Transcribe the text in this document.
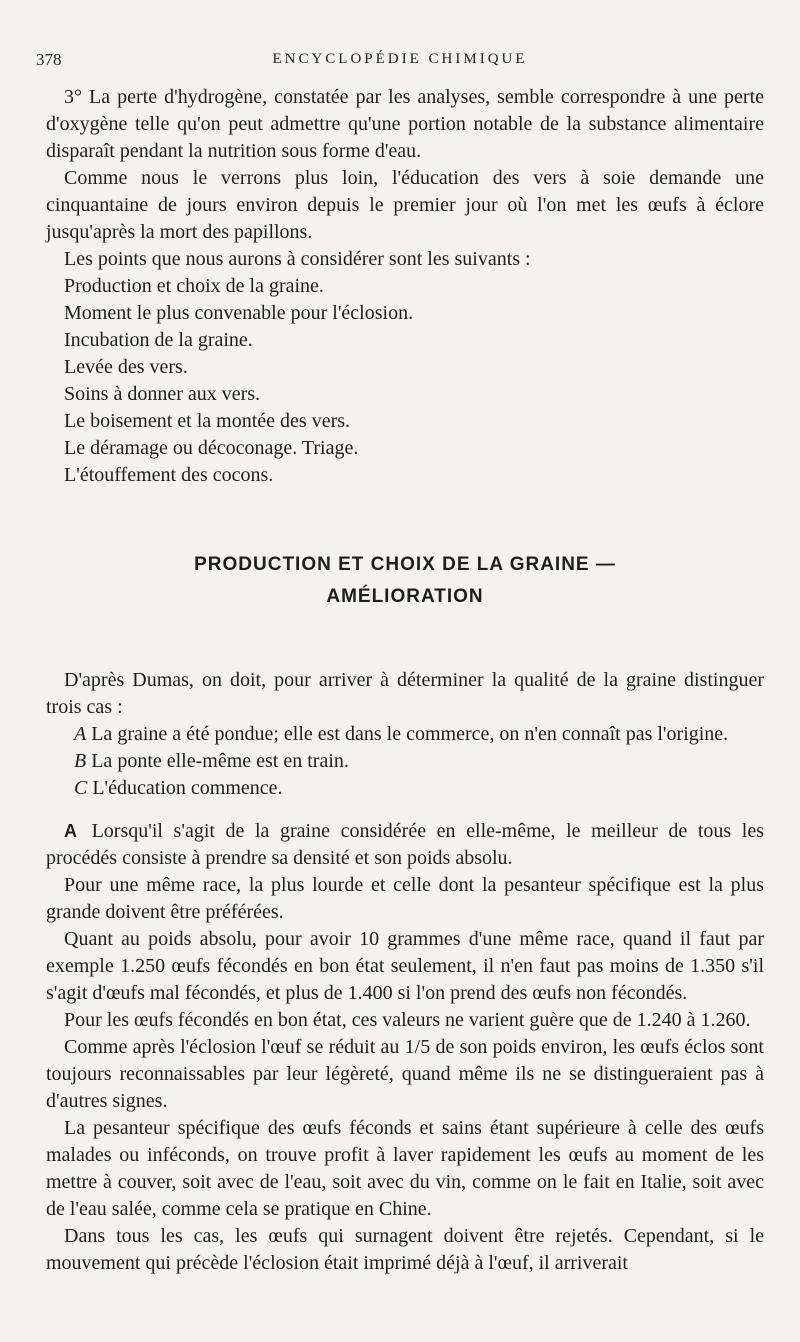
378	ENCYCLOPÉDIE CHIMIQUE

3° La perte d'hydrogène, constatée par les analyses, semble correspondre à une perte d'oxygène telle qu'on peut admettre qu'une portion notable de la substance alimentaire disparaît pendant la nutrition sous forme d'eau.

Comme nous le verrons plus loin, l'éducation des vers à soie demande une cinquantaine de jours environ depuis le premier jour où l'on met les œufs à éclore jusqu'après la mort des papillons.

Les points que nous aurons à considérer sont les suivants :

Production et choix de la graine.

Moment le plus convenable pour l'éclosion.

Incubation de la graine.

Levée des vers.

Soins à donner aux vers.

Le boisement et la montée des vers.

Le déramage ou décoconage. Triage.

L'étouffement des cocons.

PRODUCTION ET CHOIX DE LA GRAINE —
AMÉLIORATION

D'après Dumas, on doit, pour arriver à déterminer la qualité de la graine distinguer trois cas :

A La graine a été pondue; elle est dans le commerce, on n'en connaît pas l'origine.

B La ponte elle-même est en train.

C L'éducation commence.

A Lorsqu'il s'agit de la graine considérée en elle-même, le meilleur de tous les procédés consiste à prendre sa densité et son poids absolu.

Pour une même race, la plus lourde et celle dont la pesanteur spécifique est la plus grande doivent être préférées.

Quant au poids absolu, pour avoir 10 grammes d'une même race, quand il faut par exemple 1.250 œufs fécondés en bon état seulement, il n'en faut pas moins de 1.350 s'il s'agit d'œufs mal fécondés, et plus de 1.400 si l'on prend des œufs non fécondés.

Pour les œufs fécondés en bon état, ces valeurs ne varient guère que de 1.240 à 1.260.

Comme après l'éclosion l'œuf se réduit au 1/5 de son poids environ, les œufs éclos sont toujours reconnaissables par leur légèreté, quand même ils ne se distingueraient pas à d'autres signes.

La pesanteur spécifique des œufs féconds et sains étant supérieure à celle des œufs malades ou inféconds, on trouve profit à laver rapidement les œufs au moment de les mettre à couver, soit avec de l'eau, soit avec du vin, comme on le fait en Italie, soit avec de l'eau salée, comme cela se pratique en Chine.

Dans tous les cas, les œufs qui surnagent doivent être rejetés. Cependant, si le mouvement qui précède l'éclosion était imprimé déjà à l'œuf, il arriverait
